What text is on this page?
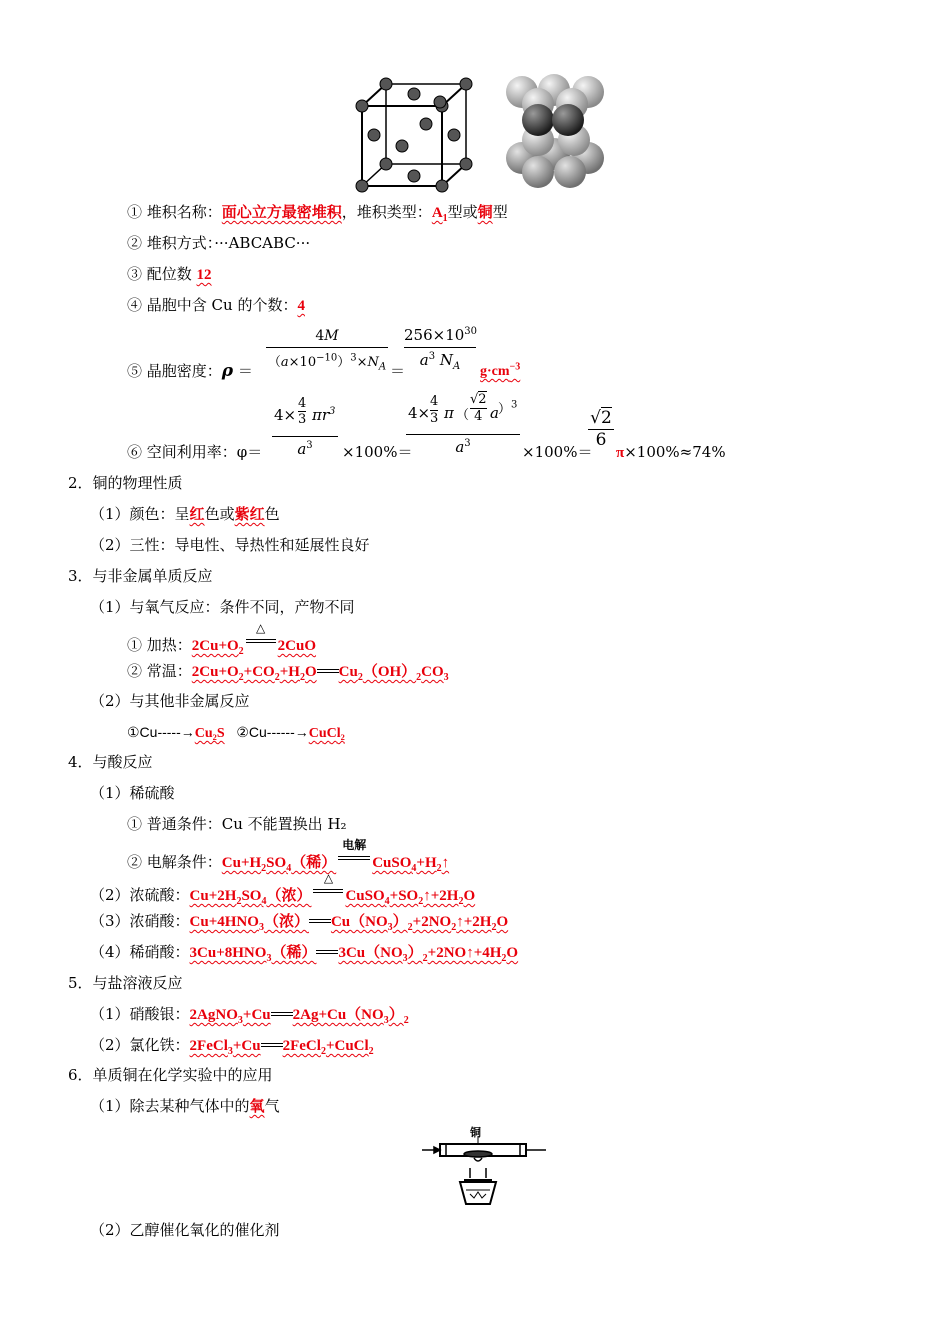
① 堆积名称：面心立方最密堆积，堆积类型：$A_1$型或铜型
② 堆积方式：···ABCABC···
③ 配位数 12
④ 晶胞中含 Cu 的个数：4
⑤ 晶胞密度：ρ ＝
4M
$(a\times 10^{-10})^3\times N_A$ ＝
$256\times 10^{30}$
$a^3$ $N_A$	$g\cdot cm^{-3}$
⑥ 空间利用率：φ＝
4×
4
3 $\pi r^3$
$a^3$	×100%＝
4×
4
3 π （
√2
4 a ）$^3$
$a^3$	×100%＝
√2
6
π×100%≈74%
2．铜的物理性质
（1）颜色：呈红色或紫红色
（2）三性：导电性、导热性和延展性良好
3．与非金属单质反应
（1）与氧气反应：条件不同，产物不同
① 加热：$2Cu+O_2$
△
2CuO
② 常温：$2Cu+O_2+CO_2+H_2O$ $Cu_2(OH)_2CO_3$
（2）与其他非金属反应
①Cu-----→Cu₂S ②Cu------→CuCl₂
4．与酸反应
（1）稀硫酸
① 普通条件：Cu 不能置换出 H₂
② 电解条件：$Cu+H_2SO_4$（稀）
电解
$CuSO_4+H_2↑$
（2）浓硫酸：$Cu+2H_2SO_4$（浓）
△
$CuSO_4+SO_2↑+2H_2O$
（3）浓硝酸：$Cu+4HNO_3$（浓） $Cu(NO_3)_2+2NO_2↑+2H_2O$
（4）稀硝酸：$3Cu+8HNO_3$（稀） $3Cu(NO_3)_2+2NO↑+4H_2O$
5．与盐溶液反应
（1）硝酸银：2AgNO$_3$+Cu $2Ag+Cu(NO_3)_2$
（2）氯化铁：2FeCl$_3$+Cu 2FeCl$_2$+CuCl$_2$
6．单质铜在化学实验中的应用
（1）除去某种气体中的氧气
铜
（2）乙醇催化氧化的催化剂
